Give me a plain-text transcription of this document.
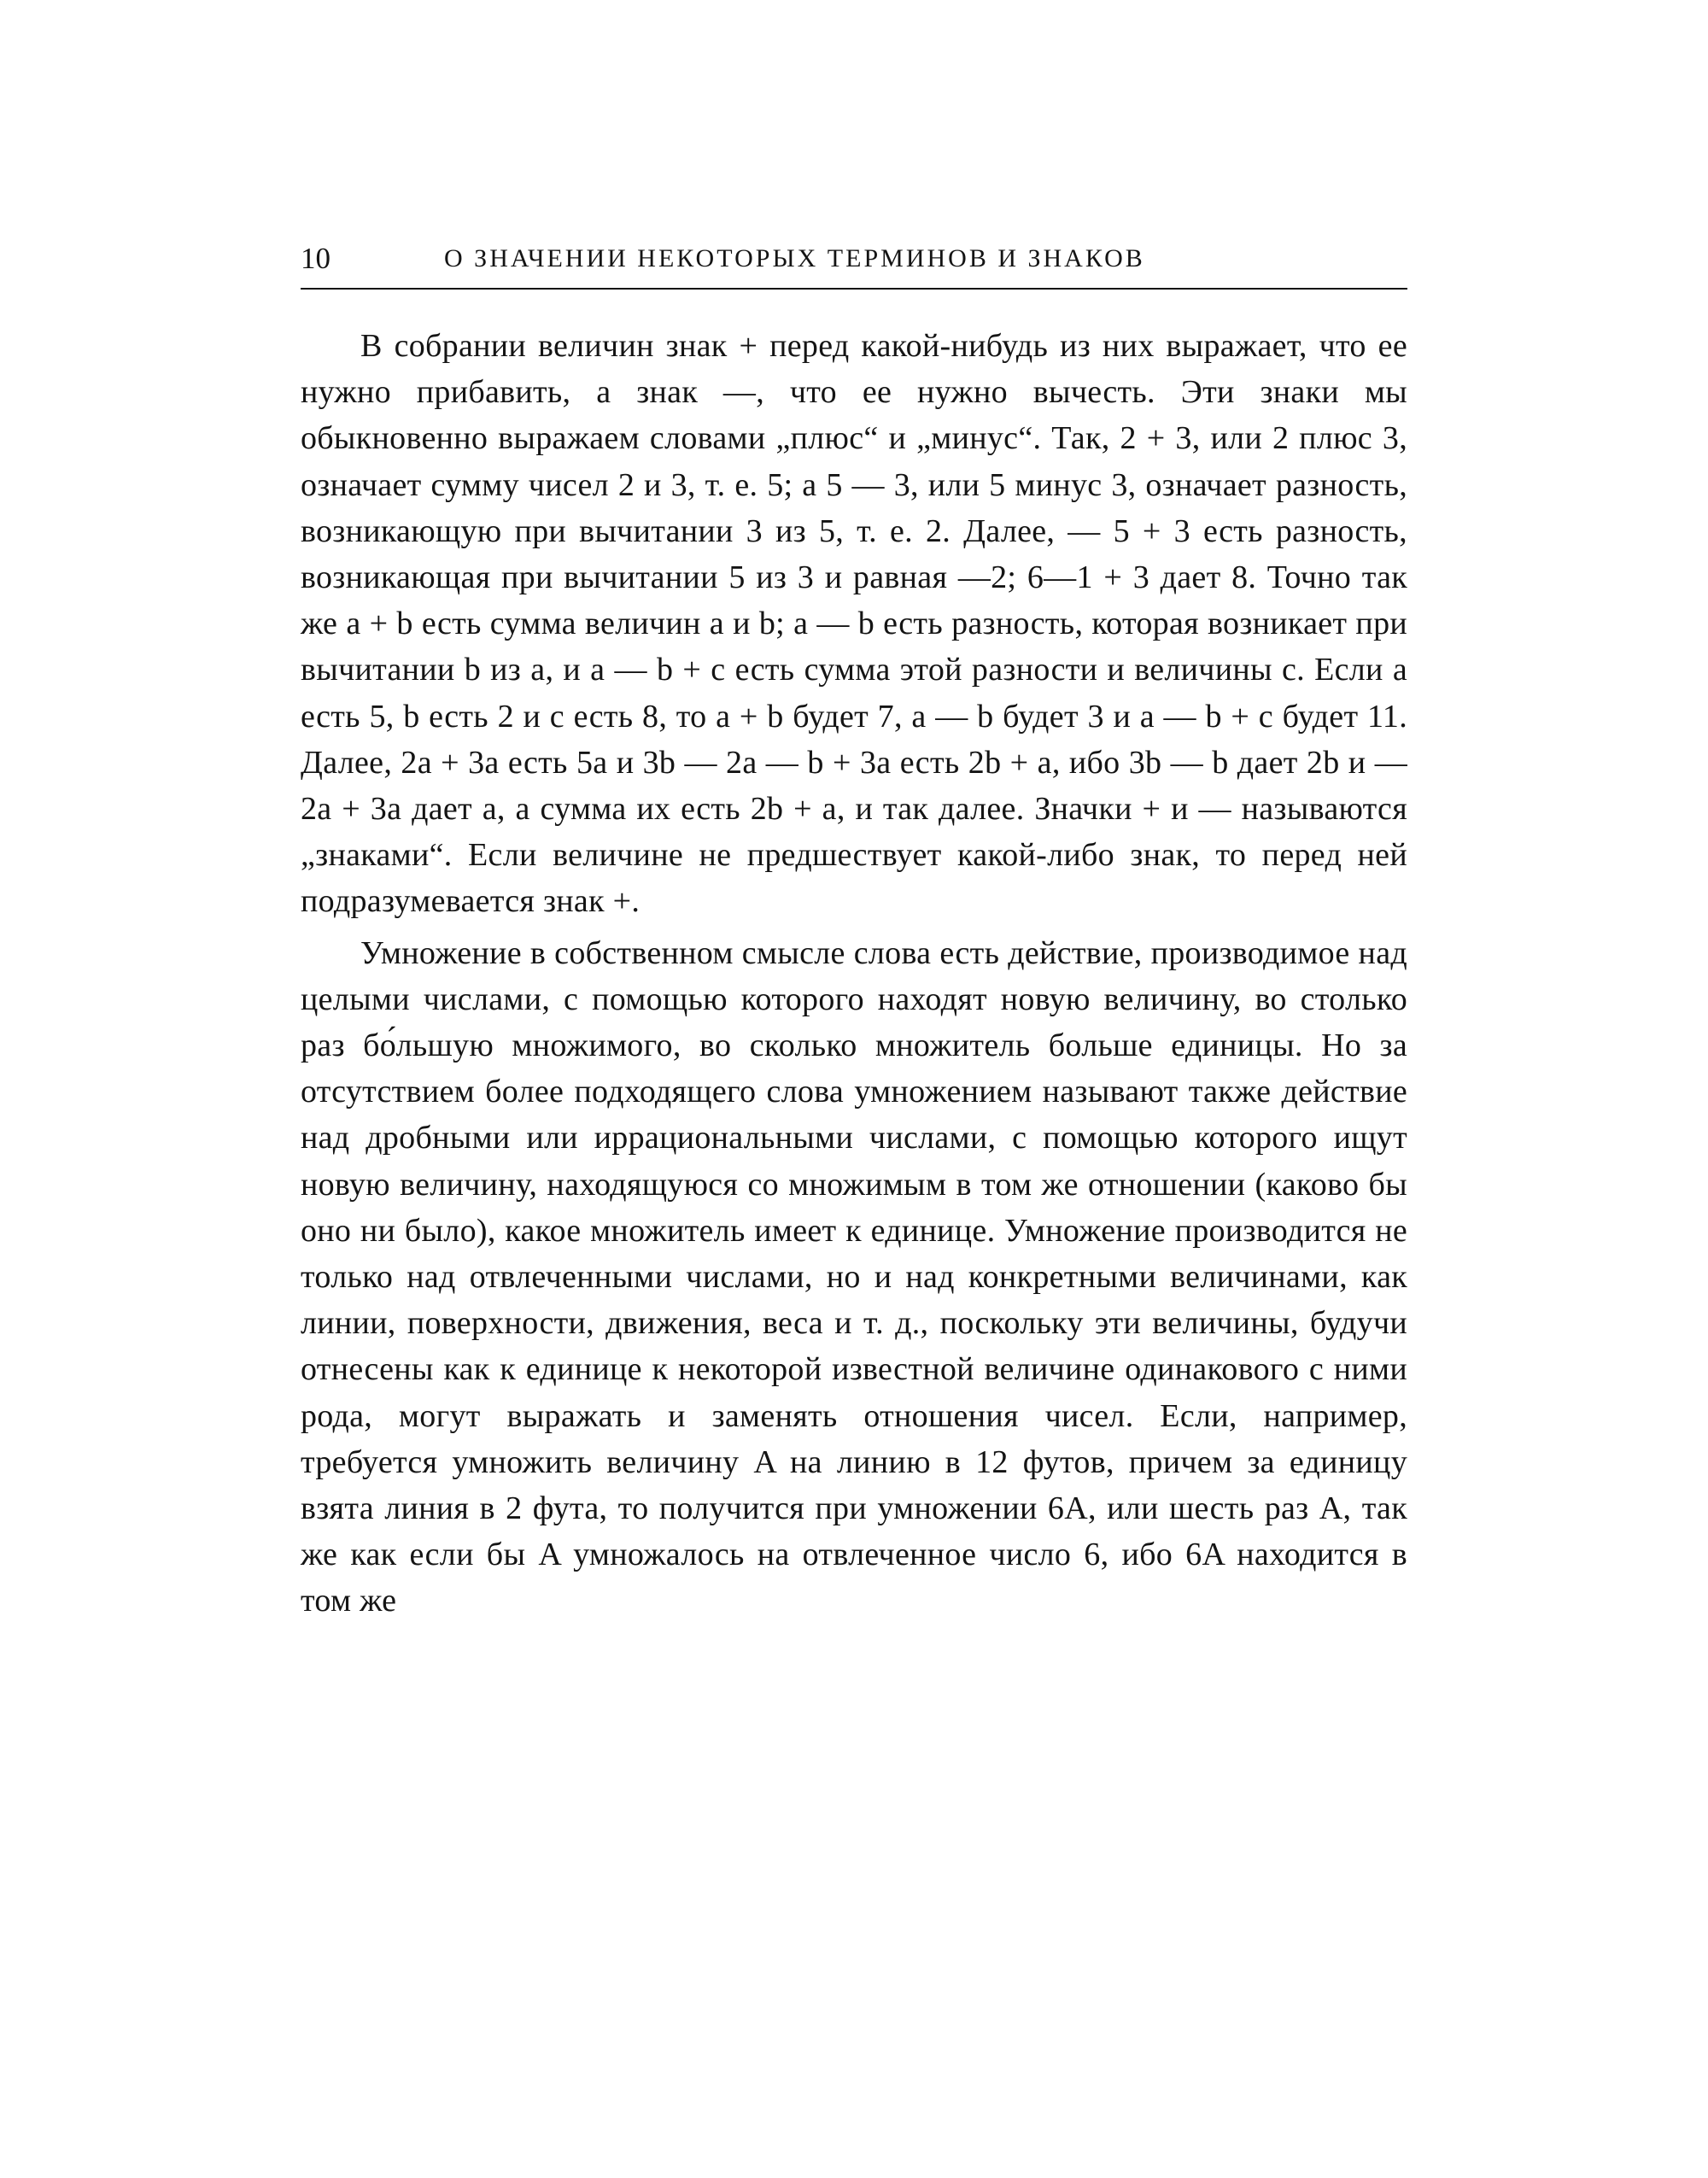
10	О ЗНАЧЕНИИ НЕКОТОРЫХ ТЕРМИНОВ И ЗНАКОВ

В собрании величин знак + перед какой-нибудь из них выражает, что ее нужно прибавить, а знак —, что ее нужно вычесть. Эти знаки мы обыкновенно выражаем словами „плюс“ и „минус“. Так, 2 + 3, или 2 плюс 3, означает сумму чисел 2 и 3, т. е. 5; а 5 — 3, или 5 минус 3, означает разность, возникающую при вычитании 3 из 5, т. е. 2. Далее, — 5 + 3 есть разность, возникающая при вычитании 5 из 3 и равная —2; 6—1 + 3 дает 8. Точно так же a + b есть сумма величин a и b; a — b есть разность, которая возникает при вычитании b из a, и a — b + c есть сумма этой разности и величины c. Если a есть 5, b есть 2 и c есть 8, то a + b будет 7, a — b будет 3 и a — b + c будет 11. Далее, 2a + 3a есть 5a и 3b — 2a — b + 3a есть 2b + a, ибо 3b — b дает 2b и — 2a + 3a дает a, а сумма их есть 2b + a, и так далее. Значки + и — называются „знаками“. Если величине не предшествует какой-либо знак, то перед ней подразумевается знак +.

Умножение в собственном смысле слова есть действие, производимое над целыми числами, с помощью которого находят новую величину, во столько раз бо́льшую множимого, во сколько множитель больше единицы. Но за отсутствием более подходящего слова умножением называют также действие над дробными или иррациональными числами, с помощью которого ищут новую величину, находящуюся со множимым в том же отношении (каково бы оно ни было), какое множитель имеет к единице. Умножение производится не только над отвлеченными числами, но и над конкретными величинами, как линии, поверхности, движения, веса и т. д., поскольку эти величины, будучи отнесены как к единице к некоторой известной величине одинакового с ними рода, могут выражать и заменять отношения чисел. Если, например, требуется умножить величину A на линию в 12 футов, причем за единицу взята линия в 2 фута, то получится при умножении 6A, или шесть раз A, так же как если бы A умножалось на отвлеченное число 6, ибо 6A находится в том же
